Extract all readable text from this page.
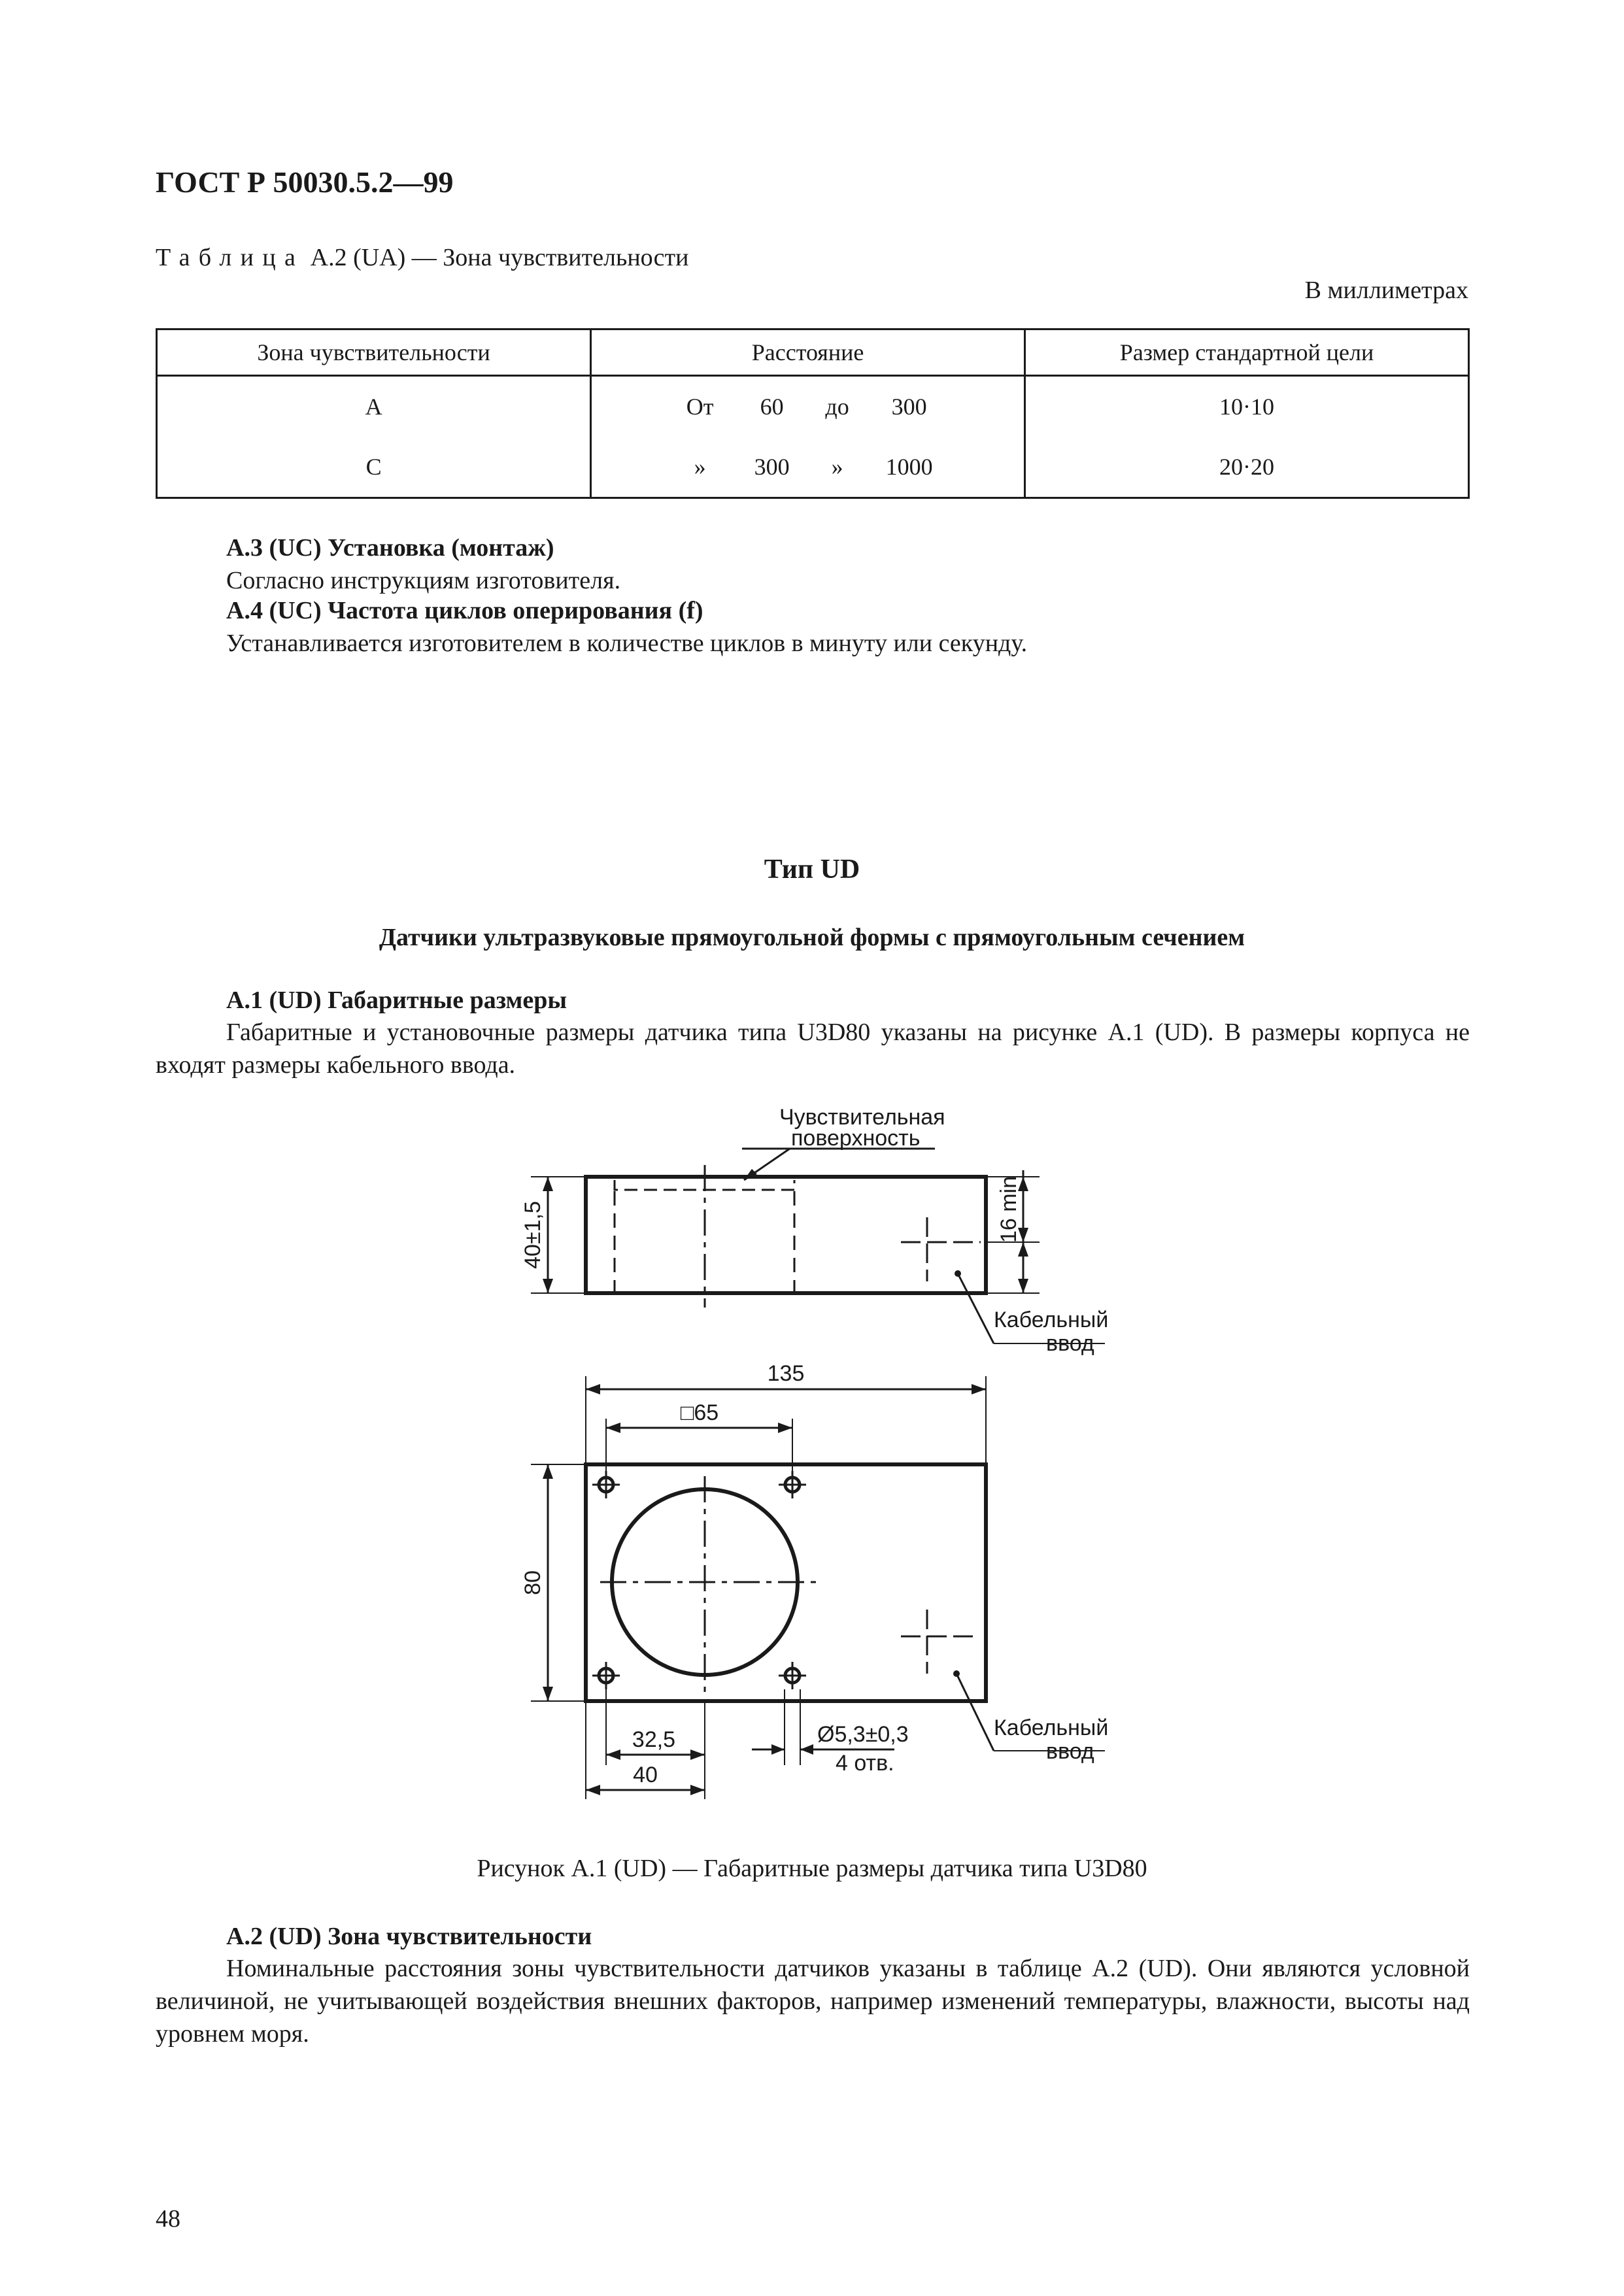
ГОСТ Р 50030.5.2—99
Таблица А.2 (UA) — Зона чувствительности
В миллиметрах
Зона чувствительности	Расстояние	Размер стандартной цели
A	От 60 до 300	10·10
C	» 300 » 1000	20·20
А.3 (UC) Установка (монтаж)
Согласно инструкциям изготовителя.
А.4 (UC) Частота циклов оперирования (f)
Устанавливается изготовителем в количестве циклов в минуту или секунду.
Тип UD
Датчики ультразвуковые прямоугольной формы с прямоугольным сечением
А.1 (UD) Габаритные размеры
Габаритные и установочные размеры датчика типа U3D80 указаны на рисунке А.1 (UD). В размеры корпуса не входят размеры кабельного ввода.
Чувствительная
поверхность
40±1,5	16 min
Кабельный
ввод
135
□65
80
32,5
40
Ø5,3±0,3
4 отв.
Кабельный
ввод
Рисунок А.1 (UD) — Габаритные размеры датчика типа U3D80
А.2 (UD) Зона чувствительности
Номинальные расстояния зоны чувствительности датчиков указаны в таблице А.2 (UD). Они являются условной величиной, не учитывающей воздействия внешних факторов, например изменений температуры, влажности, высоты над уровнем моря.
48
